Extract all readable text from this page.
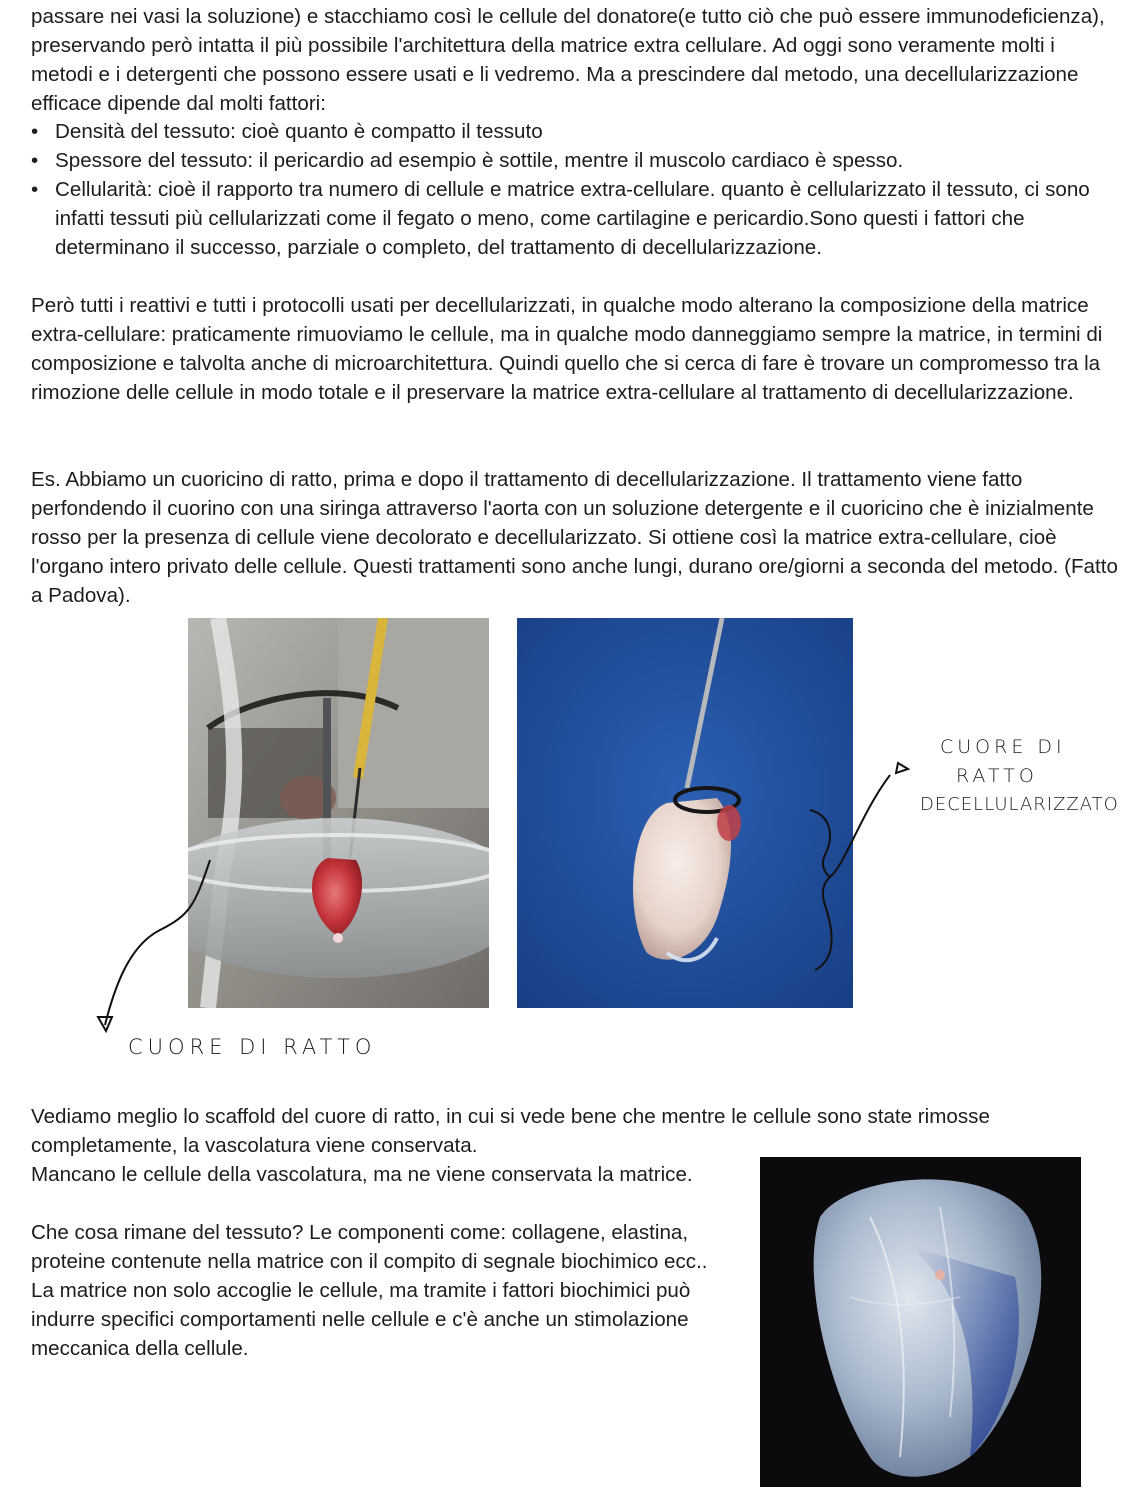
passare nei vasi la soluzione) e stacchiamo così le cellule del donatore(e tutto ciò che può essere immunodeficienza), preservando però intatta il più possibile l'architettura della matrice extra cellulare. Ad oggi sono veramente molti i metodi e i detergenti che possono essere usati e li vedremo. Ma a prescindere dal metodo, una decellularizzazione efficace dipende dal molti fattori:

• Densità del tessuto: cioè quanto è compatto il tessuto
• Spessore del tessuto: il pericardio ad esempio è sottile, mentre il muscolo cardiaco è spesso.
• Cellularità: cioè il rapporto tra numero di cellule e matrice extra-cellulare. quanto è cellularizzato il tessuto, ci sono infatti tessuti più cellularizzati come il fegato o meno, come cartilagine e pericardio.Sono questi i fattori che determinano il successo, parziale o completo, del trattamento di decellularizzazione.

Però tutti i reattivi e tutti i protocolli usati per decellularizzati, in qualche modo alterano la composizione della matrice extra-cellulare: praticamente rimuoviamo le cellule, ma in qualche modo danneggiamo sempre la matrice, in termini di composizione e talvolta anche di microarchitettura. Quindi quello che si cerca di fare è trovare un compromesso tra la rimozione delle cellule in modo totale e il preservare la matrice extra-cellulare al trattamento di decellularizzazione.

Es. Abbiamo un cuoricino di ratto, prima e dopo il trattamento di decellularizzazione. Il trattamento viene fatto perfondendo il cuorino con una siringa attraverso l'aorta con un soluzione detergente e il cuoricino che è inizialmente rosso per la presenza di cellule viene decolorato e decellularizzato. Si ottiene così la matrice extra-cellulare, cioè l'organo intero privato delle cellule. Questi trattamenti sono anche lungi, durano ore/giorni a seconda del metodo. (Fatto a Padova).

CUORE DI
RATTO
DECELLULARIZZATO
CUORE DI RATTO

Vediamo meglio lo scaffold del cuore di ratto, in cui si vede bene che mentre le cellule sono state rimosse completamente, la vascolatura viene conservata.

Mancano le cellule della vascolatura, ma ne viene conservata la matrice.

Che cosa rimane del tessuto? Le componenti come: collagene, elastina, proteine contenute nella matrice con il compito di segnale biochimico ecc.. La matrice non solo accoglie le cellule, ma tramite i fattori biochimici può indurre specifici comportamenti nelle cellule e c'è anche un stimolazione meccanica della cellule.
